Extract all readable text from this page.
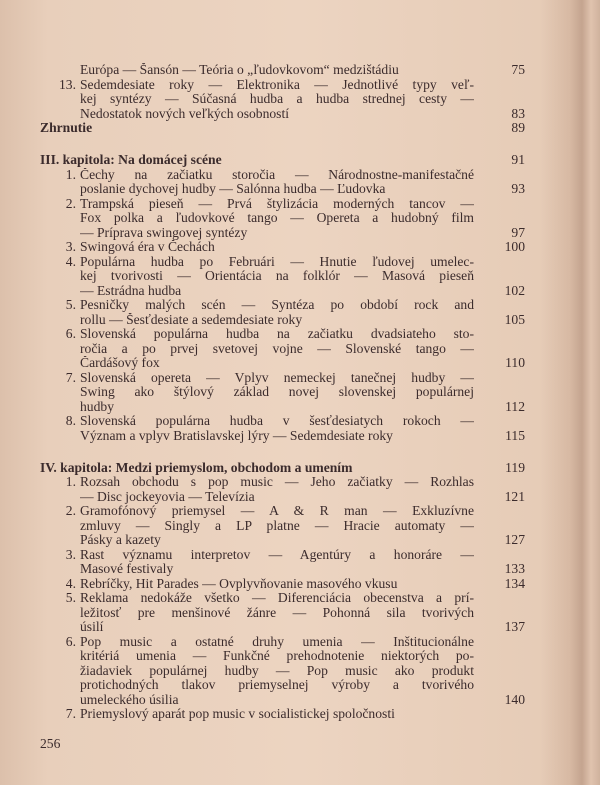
Európa — Šansón — Teória o „ľudovkovom“ medzištádiu	75
13. Sedemdesiate roky — Elektronika — Jednotlivé typy veľ-
kej syntézy — Súčasná hudba a hudba strednej cesty —
Nedostatok nových veľkých osobností	83
Zhrnutie	89
III. kapitola: Na domácej scéne	91
1. Čechy na začiatku storočia — Národnostne-manifestačné
poslanie dychovej hudby — Salónna hudba — Ľudovka	93
2. Trampská pieseň — Prvá štylizácia moderných tancov —
Fox polka a ľudovkové tango — Opereta a hudobný film
— Príprava swingovej syntézy	97
3. Swingová éra v Čechách	100
4. Populárna hudba po Februári — Hnutie ľudovej umelec-
kej tvorivosti — Orientácia na folklór — Masová pieseň
— Estrádna hudba	102
5. Pesničky malých scén — Syntéza po období rock and
rollu — Šesťdesiate a sedemdesiate roky	105
6. Slovenská populárna hudba na začiatku dvadsiateho sto-
ročia a po prvej svetovej vojne — Slovenské tango —
Čardášový fox	110
7. Slovenská opereta — Vplyv nemeckej tanečnej hudby —
Swing ako štýlový základ novej slovenskej populárnej
hudby	112
8. Slovenská populárna hudba v šesťdesiatych rokoch —
Význam a vplyv Bratislavskej lýry — Sedemdesiate roky	115
IV. kapitola: Medzi priemyslom, obchodom a umením	119
1. Rozsah obchodu s pop music — Jeho začiatky — Rozhlas
— Disc jockeyovia — Televízia	121
2. Gramofónový priemysel — A & R man — Exkluzívne
zmluvy — Singly a LP platne — Hracie automaty —
Pásky a kazety	127
3. Rast významu interpretov — Agentúry a honoráre —
Masové festivaly	133
4. Rebríčky, Hit Parades — Ovplyvňovanie masového vkusu	134
5. Reklama nedokáže všetko — Diferenciácia obecenstva a prí-
ležitosť pre menšinové žánre — Pohonná sila tvorivých
úsilí	137
6. Pop music a ostatné druhy umenia — Inštitucionálne
kritériá umenia — Funkčné prehodnotenie niektorých po-
žiadaviek populárnej hudby — Pop music ako produkt
protichodných tlakov priemyselnej výroby a tvorivého
umeleckého úsilia	140
7. Priemyslový aparát pop music v socialistickej spoločnosti
256
